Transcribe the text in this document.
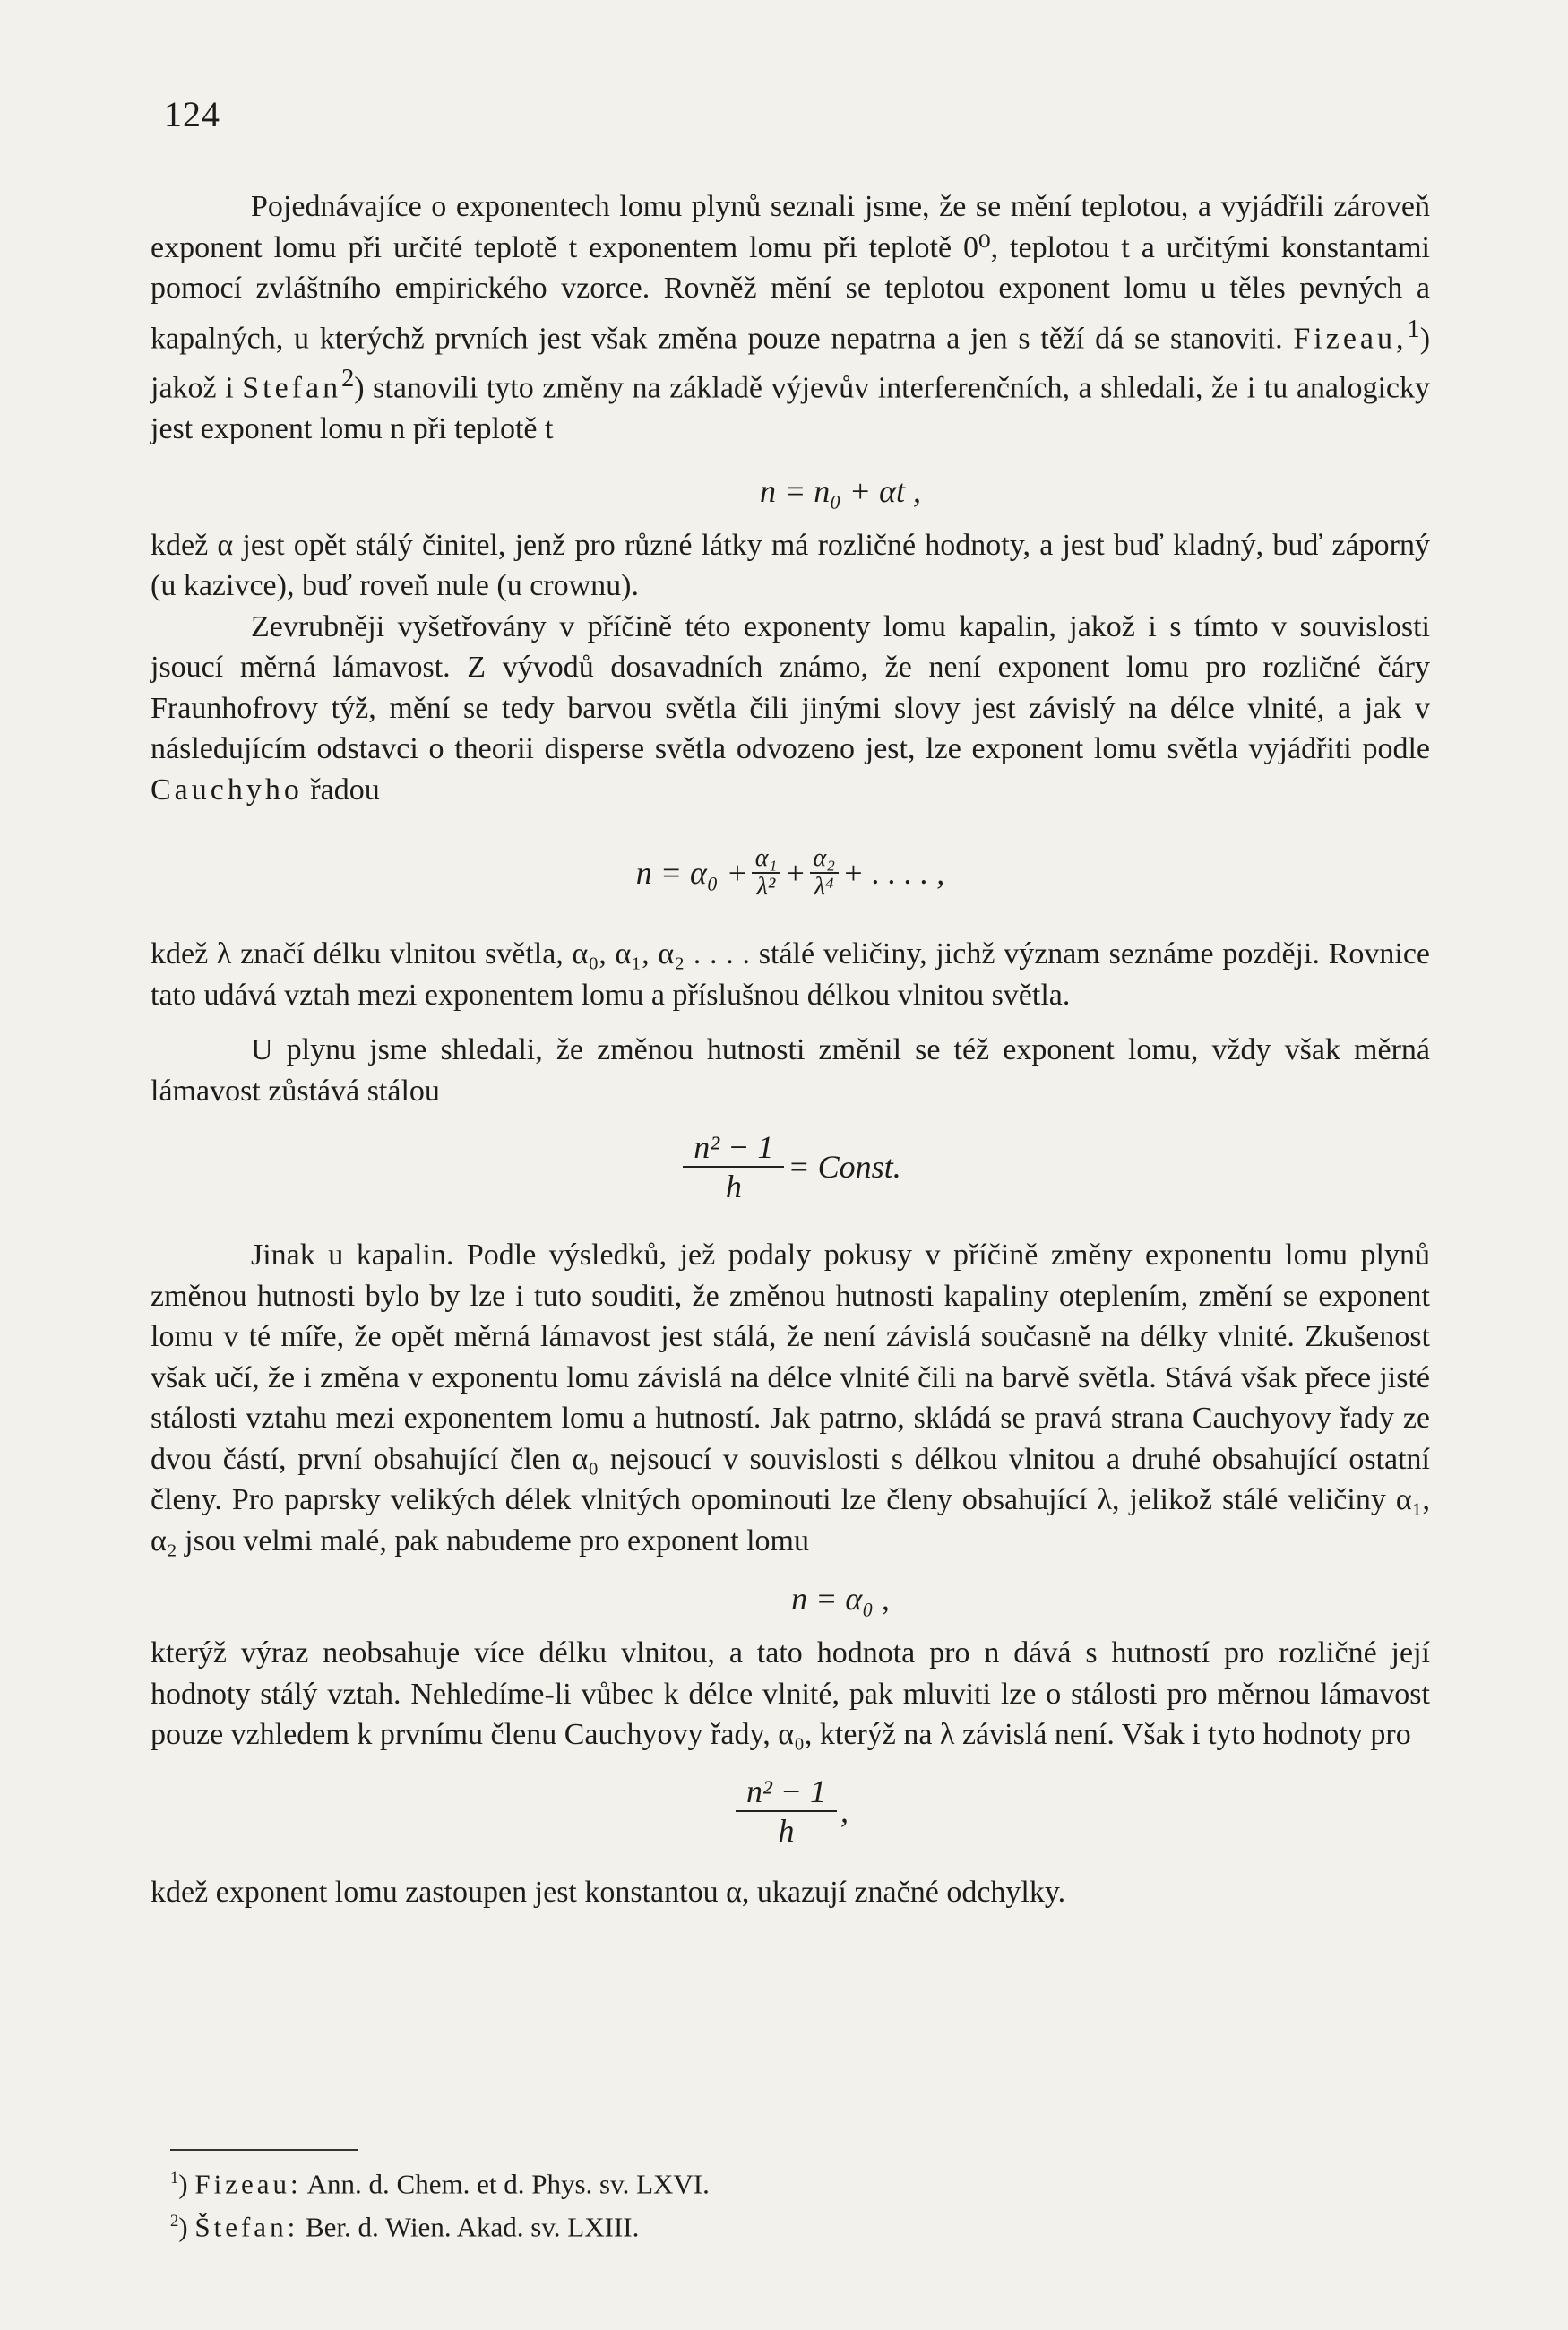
124

Pojednávajíce o exponentech lomu plynů seznali jsme, že se mění teplotou, a vyjádřili zároveň exponent lomu při určité teplotě t exponentem lomu při teplotě 0⁰, teplotou t a určitými konstantami pomocí zvláštního empirického vzorce. Rovněž mění se teplotou exponent lomu u těles pevných a kapalných, u kterýchž prvních jest však změna pouze nepatrna a jen s těží dá se stanoviti. Fizeau,$^1$) jakož i Stefan$^2$) stanovili tyto změny na základě výjevův interferenčních, a shledali, že i tu analogicky jest exponent lomu n při teplotě t

n = n₀ + αt ,

kdež α jest opět stálý činitel, jenž pro různé látky má rozličné hodnoty, a jest buď kladný, buď záporný (u kazivce), buď roveň nule (u crownu).

Zevrubněji vyšetřovány v příčině této exponenty lomu kapalin, jakož i s tímto v souvislosti jsoucí měrná lámavost. Z vývodů dosavadních známo, že není exponent lomu pro rozličné čáry Fraunhofrovy týž, mění se tedy barvou světla čili jinými slovy jest závislý na délce vlnité, a jak v následujícím odstavci o theorii disperse světla odvozeno jest, lze exponent lomu světla vyjádřiti podle Cauchyho řadou

$n = \alpha_0 + \frac{\text{α₁}}{\text{λ²}} + \frac{\text{α₂}}{\text{λ⁴}}$ + . . . . ,

kdež λ značí délku vlnitou světla, α₀, α₁, α₂ . . . . stálé veličiny, jichž význam seznáme později. Rovnice tato udává vztah mezi exponentem lomu a příslušnou délkou vlnitou světla.

U plynu jsme shledali, že změnou hutnosti změnil se též exponent lomu, vždy však měrná lámavost zůstává stálou

$\frac{\text{n² − 1}}{h}$ = Const.

Jinak u kapalin. Podle výsledků, jež podaly pokusy v příčině změny exponentu lomu plynů změnou hutnosti bylo by lze i tuto souditi, že změnou hutnosti kapaliny oteplením, změní se exponent lomu v té míře, že opět měrná lámavost jest stálá, že není závislá současně na délky vlnité. Zkušenost však učí, že i změna v exponentu lomu závislá na délce vlnité čili na barvě světla. Stává však přece jisté stálosti vztahu mezi exponentem lomu a hutností. Jak patrno, skládá se pravá strana Cauchyovy řady ze dvou částí, první obsahující člen α₀ nejsoucí v souvislosti s délkou vlnitou a druhé obsahující ostatní členy. Pro paprsky velikých délek vlnitých opominouti lze členy obsahující λ, jelikož stálé veličiny α₁, α₂ jsou velmi malé, pak nabudeme pro exponent lomu

n = α₀ ,

kterýž výraz neobsahuje více délku vlnitou, a tato hodnota pro n dává s hutností pro rozličné její hodnoty stálý vztah. Nehledíme-li vůbec k délce vlnité, pak mluviti lze o stálosti pro měrnou lámavost pouze vzhledem k prvnímu členu Cauchyovy řady, α₀, kterýž na λ závislá není. Však i tyto hodnoty pro

$\frac{\text{n² − 1}}{h}$ ,

kdež exponent lomu zastoupen jest konstantou α, ukazují značné odchylky.

$^1$) Fizeau: Ann. d. Chem. et d. Phys. sv. LXVI.
$^2$) Štefan: Ber. d. Wien. Akad. sv. LXIII.
